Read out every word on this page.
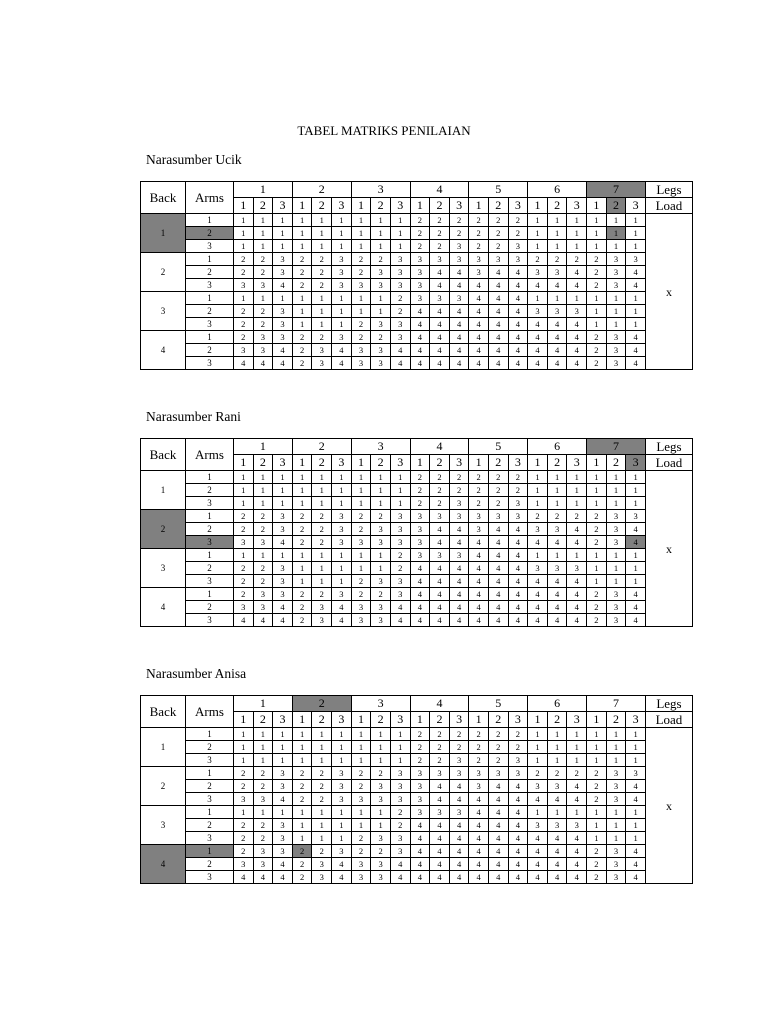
TABEL MATRIKS PENILAIAN
Narasumber Ucik
Back	Arms	1			2			3			4			5			6			7			Legs
		1	2	3	1	2	3	1	2	3	1	2	3	1	2	3	1	2	3	1	2	3	Load
1	1	1	1	1	1	1	1	1	1	1	2	2	2	2	2	2	1	1	1	1	1	1	x
	2	1	1	1	1	1	1	1	1	1	2	2	2	2	2	2	1	1	1	1	1	1	
	3	1	1	1	1	1	1	1	1	1	2	2	3	2	2	3	1	1	1	1	1	1	
2	1	2	2	3	2	2	3	2	2	3	3	3	3	3	3	3	2	2	2	2	3	3	
	2	2	2	3	2	2	3	2	3	3	3	4	4	3	4	4	3	3	4	2	3	4	
	3	3	3	4	2	2	3	3	3	3	3	4	4	4	4	4	4	4	4	2	3	4	
3	1	1	1	1	1	1	1	1	1	2	3	3	3	4	4	4	1	1	1	1	1	1	
	2	2	2	3	1	1	1	1	1	2	4	4	4	4	4	4	3	3	3	1	1	1	
	3	2	2	3	1	1	1	2	3	3	4	4	4	4	4	4	4	4	4	1	1	1	
4	1	2	3	3	2	2	3	2	2	3	4	4	4	4	4	4	4	4	4	2	3	4	
	2	3	3	4	2	3	4	3	3	4	4	4	4	4	4	4	4	4	4	2	3	4	
	3	4	4	4	2	3	4	3	3	4	4	4	4	4	4	4	4	4	4	2	3	4	
Narasumber Rani
Back	Arms	1			2			3			4			5			6			7			Legs
		1	2	3	1	2	3	1	2	3	1	2	3	1	2	3	1	2	3	1	2	3	Load
1	1	1	1	1	1	1	1	1	1	1	2	2	2	2	2	2	1	1	1	1	1	1	x
	2	1	1	1	1	1	1	1	1	1	2	2	2	2	2	2	1	1	1	1	1	1	
	3	1	1	1	1	1	1	1	1	1	2	2	3	2	2	3	1	1	1	1	1	1	
2	1	2	2	3	2	2	3	2	2	3	3	3	3	3	3	3	2	2	2	2	3	3	
	2	2	2	3	2	2	3	2	3	3	3	4	4	3	4	4	3	3	4	2	3	4	
	3	3	3	4	2	2	3	3	3	3	3	4	4	4	4	4	4	4	4	2	3	4	
3	1	1	1	1	1	1	1	1	1	2	3	3	3	4	4	4	1	1	1	1	1	1	
	2	2	2	3	1	1	1	1	1	2	4	4	4	4	4	4	3	3	3	1	1	1	
	3	2	2	3	1	1	1	2	3	3	4	4	4	4	4	4	4	4	4	1	1	1	
4	1	2	3	3	2	2	3	2	2	3	4	4	4	4	4	4	4	4	4	2	3	4	
	2	3	3	4	2	3	4	3	3	4	4	4	4	4	4	4	4	4	4	2	3	4	
	3	4	4	4	2	3	4	3	3	4	4	4	4	4	4	4	4	4	4	2	3	4	
Narasumber Anisa
Back	Arms	1			2			3			4			5			6			7			Legs
		1	2	3	1	2	3	1	2	3	1	2	3	1	2	3	1	2	3	1	2	3	Load
1	1	1	1	1	1	1	1	1	1	1	2	2	2	2	2	2	1	1	1	1	1	1	x
	2	1	1	1	1	1	1	1	1	1	2	2	2	2	2	2	1	1	1	1	1	1	
	3	1	1	1	1	1	1	1	1	1	2	2	3	2	2	3	1	1	1	1	1	1	
2	1	2	2	3	2	2	3	2	2	3	3	3	3	3	3	3	2	2	2	2	3	3	
	2	2	2	3	2	2	3	2	3	3	3	4	4	3	4	4	3	3	4	2	3	4	
	3	3	3	4	2	2	3	3	3	3	3	4	4	4	4	4	4	4	4	2	3	4	
3	1	1	1	1	1	1	1	1	1	2	3	3	3	4	4	4	1	1	1	1	1	1	
	2	2	2	3	1	1	1	1	1	2	4	4	4	4	4	4	3	3	3	1	1	1	
	3	2	2	3	1	1	1	2	3	3	4	4	4	4	4	4	4	4	4	1	1	1	
4	1	2	3	3	2	2	3	2	2	3	4	4	4	4	4	4	4	4	4	2	3	4	
	2	3	3	4	2	3	4	3	3	4	4	4	4	4	4	4	4	4	4	2	3	4	
	3	4	4	4	2	3	4	3	3	4	4	4	4	4	4	4	4	4	4	2	3	4	
